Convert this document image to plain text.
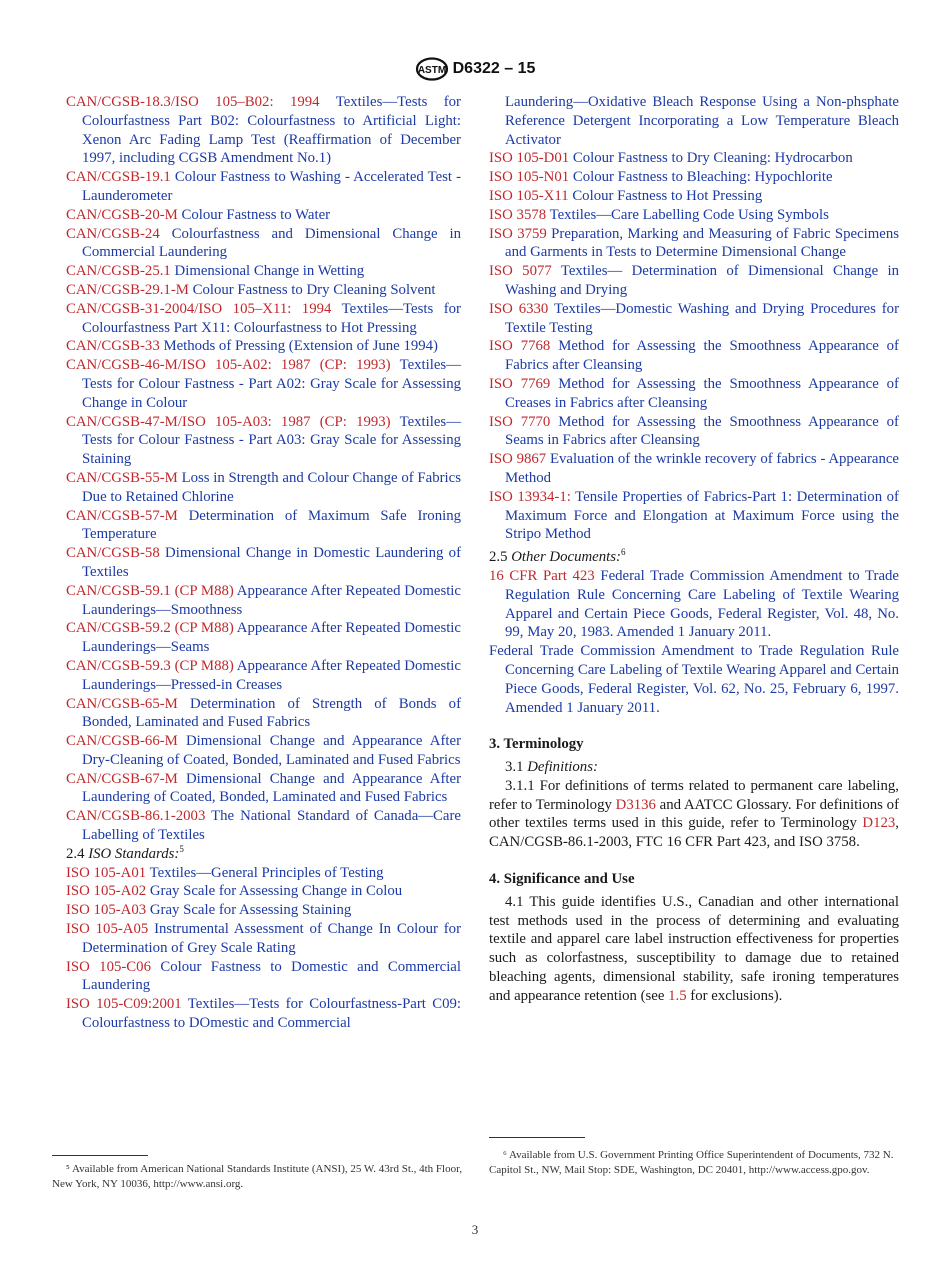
ASTM D6322 – 15

CAN/CGSB-18.3/ISO 105–B02: 1994 Textiles—Tests for Colourfastness Part B02: Colourfastness to Artificial Light: Xenon Arc Fading Lamp Test (Reaffirmation of December 1997, including CGSB Amendment No.1)

CAN/CGSB-19.1 Colour Fastness to Washing - Accelerated Test - Launderometer

CAN/CGSB-20-M Colour Fastness to Water

CAN/CGSB-24 Colourfastness and Dimensional Change in Commercial Laundering

CAN/CGSB-25.1 Dimensional Change in Wetting

CAN/CGSB-29.1-M Colour Fastness to Dry Cleaning Solvent

CAN/CGSB-31-2004/ISO 105–X11: 1994 Textiles—Tests for Colourfastness Part X11: Colourfastness to Hot Pressing

CAN/CGSB-33 Methods of Pressing (Extension of June 1994)

CAN/CGSB-46-M/ISO 105-A02: 1987 (CP: 1993) Textiles—Tests for Colour Fastness - Part A02: Gray Scale for Assessing Change in Colour

CAN/CGSB-47-M/ISO 105-A03: 1987 (CP: 1993) Textiles—Tests for Colour Fastness - Part A03: Gray Scale for Assessing Staining

CAN/CGSB-55-M Loss in Strength and Colour Change of Fabrics Due to Retained Chlorine

CAN/CGSB-57-M Determination of Maximum Safe Ironing Temperature

CAN/CGSB-58 Dimensional Change in Domestic Laundering of Textiles

CAN/CGSB-59.1 (CP M88) Appearance After Repeated Domestic Launderings—Smoothness

CAN/CGSB-59.2 (CP M88) Appearance After Repeated Domestic Launderings—Seams

CAN/CGSB-59.3 (CP M88) Appearance After Repeated Domestic Launderings—Pressed-in Creases

CAN/CGSB-65-M Determination of Strength of Bonds of Bonded, Laminated and Fused Fabrics

CAN/CGSB-66-M Dimensional Change and Appearance After Dry-Cleaning of Coated, Bonded, Laminated and Fused Fabrics

CAN/CGSB-67-M Dimensional Change and Appearance After Laundering of Coated, Bonded, Laminated and Fused Fabrics

CAN/CGSB-86.1-2003 The National Standard of Canada—Care Labelling of Textiles

2.4 ISO Standards:$^5$

ISO 105-A01 Textiles—General Principles of Testing

ISO 105-A02 Gray Scale for Assessing Change in Colou

ISO 105-A03 Gray Scale for Assessing Staining

ISO 105-A05 Instrumental Assessment of Change In Colour for Determination of Grey Scale Rating

ISO 105-C06 Colour Fastness to Domestic and Commercial Laundering

ISO 105-C09:2001 Textiles—Tests for Colourfastness-Part C09: Colourfastness to DOmestic and Commercial

Laundering—Oxidative Bleach Response Using a Non-phsphate Reference Detergent Incorporating a Low Temperature Bleach Activator

ISO 105-D01 Colour Fastness to Dry Cleaning: Hydrocarbon

ISO 105-N01 Colour Fastness to Bleaching: Hypochlorite

ISO 105-X11 Colour Fastness to Hot Pressing

ISO 3578 Textiles—Care Labelling Code Using Symbols

ISO 3759 Preparation, Marking and Measuring of Fabric Specimens and Garments in Tests to Determine Dimensional Change

ISO 5077 Textiles— Determination of Dimensional Change in Washing and Drying

ISO 6330 Textiles—Domestic Washing and Drying Procedures for Textile Testing

ISO 7768 Method for Assessing the Smoothness Appearance of Fabrics after Cleansing

ISO 7769 Method for Assessing the Smoothness Appearance of Creases in Fabrics after Cleansing

ISO 7770 Method for Assessing the Smoothness Appearance of Seams in Fabrics after Cleansing

ISO 9867 Evaluation of the wrinkle recovery of fabrics - Appearance Method

ISO 13934-1: Tensile Properties of Fabrics-Part 1: Determination of Maximum Force and Elongation at Maximum Force using the Stripo Method

2.5 Other Documents:$^6$

16 CFR Part 423 Federal Trade Commission Amendment to Trade Regulation Rule Concerning Care Labeling of Textile Wearing Apparel and Certain Piece Goods, Federal Register, Vol. 48, No. 99, May 20, 1983. Amended 1 January 2011.

Federal Trade Commission Amendment to Trade Regulation Rule Concerning Care Labeling of Textile Wearing Apparel and Certain Piece Goods, Federal Register, Vol. 62, No. 25, February 6, 1997. Amended 1 January 2011.

3. Terminology

3.1 Definitions:

3.1.1 For definitions of terms related to permanent care labeling, refer to Terminology D3136 and AATCC Glossary. For definitions of other textiles terms used in this guide, refer to Terminology D123, CAN/CGSB-86.1-2003, FTC 16 CFR Part 423, and ISO 3758.

4. Significance and Use

4.1 This guide identifies U.S., Canadian and other international test methods used in the process of determining and evaluating textile and apparel care label instruction effectiveness for properties such as colorfastness, susceptibility to damage due to retained bleaching agents, dimensional stability, safe ironing temperatures and appearance retention (see 1.5 for exclusions).

⁵ Available from American National Standards Institute (ANSI), 25 W. 43rd St., 4th Floor, New York, NY 10036, http://www.ansi.org.
⁶ Available from U.S. Government Printing Office Superintendent of Documents, 732 N. Capitol St., NW, Mail Stop: SDE, Washington, DC 20401, http://www.access.gpo.gov.
3
